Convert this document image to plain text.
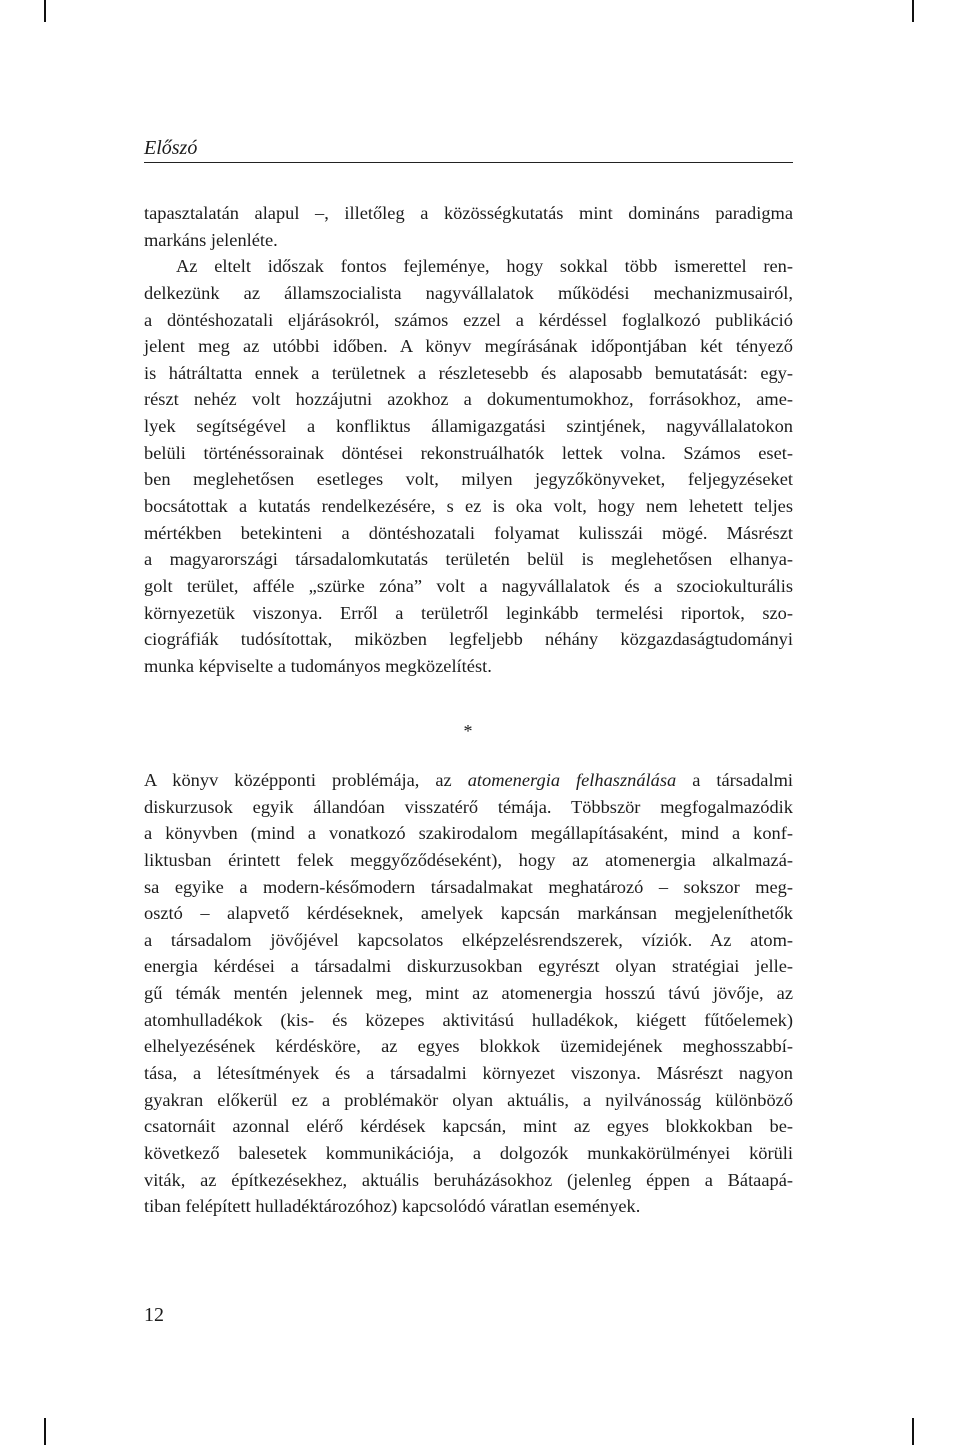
Előszó
tapasztalatán alapul –, illetőleg a közösségkutatás mint domináns paradigma
markáns jelenléte.
Az eltelt időszak fontos fejleménye, hogy sokkal több ismerettel ren-
delkezünk az államszocialista nagyvállalatok működési mechanizmusairól,
a döntéshozatali eljárásokról, számos ezzel a kérdéssel foglalkozó publikáció
jelent meg az utóbbi időben. A könyv megírásának időpontjában két tényező
is hátráltatta ennek a területnek a részletesebb és alaposabb bemutatását: egy-
részt nehéz volt hozzájutni azokhoz a dokumentumokhoz, forrásokhoz, ame-
lyek segítségével a konfliktus államigazgatási szintjének, nagyvállalatokon
belüli történéssorainak döntései rekonstruálhatók lettek volna. Számos eset-
ben meglehetősen esetleges volt, milyen jegyzőkönyveket, feljegyzéseket
bocsátottak a kutatás rendelkezésére, s ez is oka volt, hogy nem lehetett teljes
mértékben betekinteni a döntéshozatali folyamat kulisszái mögé. Másrészt
a magyarországi társadalomkutatás területén belül is meglehetősen elhanya-
golt terület, afféle „szürke zóna” volt a nagyvállalatok és a szociokulturális
környezetük viszonya. Erről a területről leginkább termelési riportok, szo-
ciográfiák tudósítottak, miközben legfeljebb néhány közgazdaságtudományi
munka képviselte a tudományos megközelítést.
*
A könyv középponti problémája, az atomenergia felhasználása a társadalmi
diskurzusok egyik állandóan visszatérő témája. Többször megfogalmazódik
a könyvben (mind a vonatkozó szakirodalom megállapításaként, mind a konf-
liktusban érintett felek meggyőződéseként), hogy az atomenergia alkalmazá-
sa egyike a modern-későmodern társadalmakat meghatározó – sokszor meg-
osztó – alapvető kérdéseknek, amelyek kapcsán markánsan megjeleníthetők
a társadalom jövőjével kapcsolatos elképzelésrendszerek, víziók. Az atom-
energia kérdései a társadalmi diskurzusokban egyrészt olyan stratégiai jelle-
gű témák mentén jelennek meg, mint az atomenergia hosszú távú jövője, az
atomhulladékok (kis- és közepes aktivitású hulladékok, kiégett fűtőelemek)
elhelyezésének kérdésköre, az egyes blokkok üzemidejének meghosszabbí-
tása, a létesítmények és a társadalmi környezet viszonya. Másrészt nagyon
gyakran előkerül ez a problémakör olyan aktuális, a nyilvánosság különböző
csatornáit azonnal elérő kérdések kapcsán, mint az egyes blokkokban be-
következő balesetek kommunikációja, a dolgozók munkakörülményei körüli
viták, az építkezésekhez, aktuális beruházásokhoz (jelenleg éppen a Bátaapá-
tiban felépített hulladéktározóhoz) kapcsolódó váratlan események.
12
